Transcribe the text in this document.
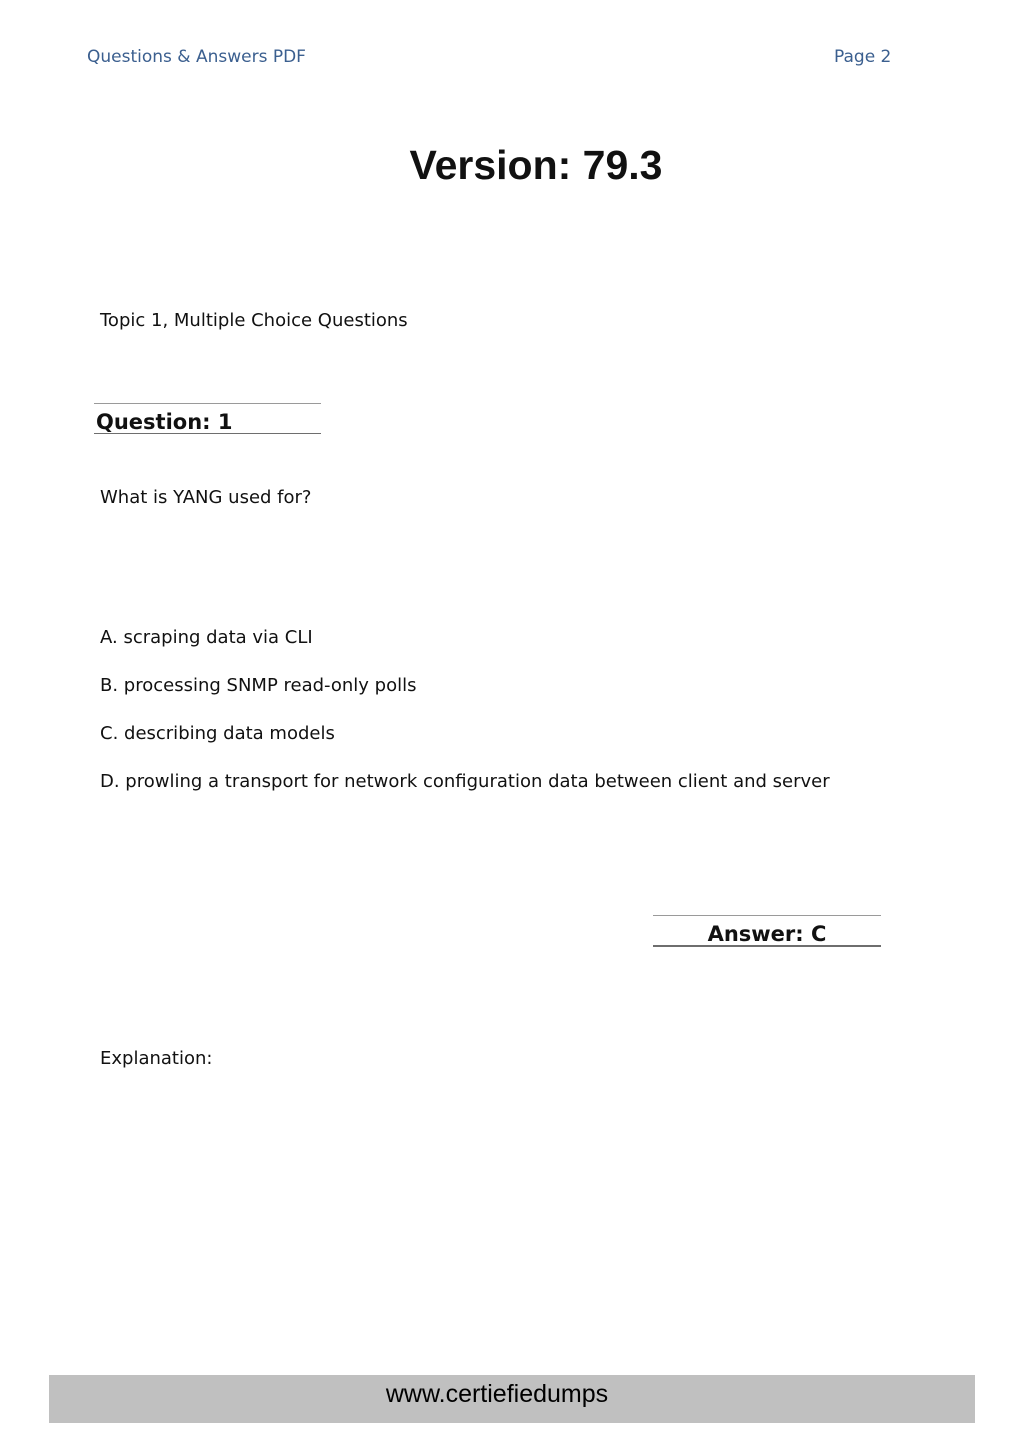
Questions & Answers PDF	Page 2
Version: 79.3
Topic 1, Multiple Choice Questions
Question: 1
What is YANG used for?
A. scraping data via CLI
B. processing SNMP read-only polls
C. describing data models
D. prowling a transport for network configuration data between client and server
Answer: C
Explanation:
www.certiefiedumps
